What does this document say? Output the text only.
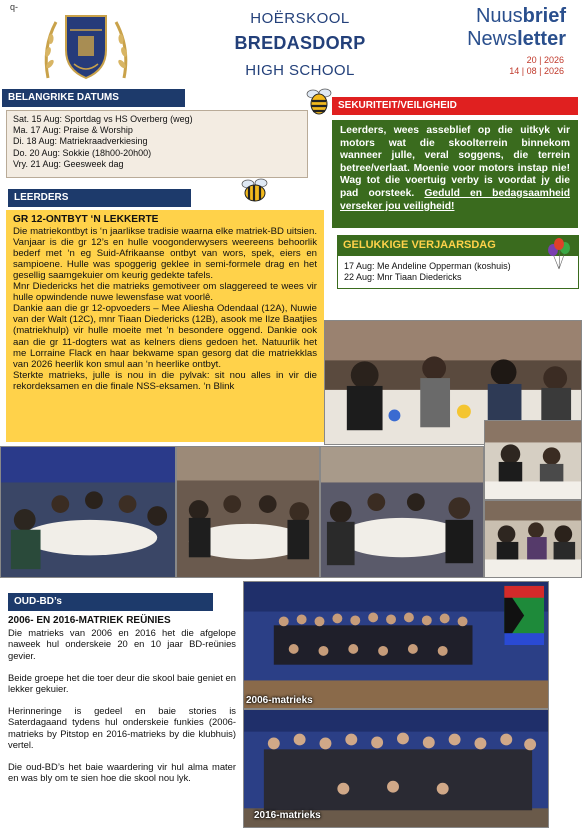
q-
HOËRSKOOL
BREDASDORP
HIGH SCHOOL
Nuusbrief
Newsletter
20 | 2026
14 | 08 | 2026
BELANGRIKE DATUMS
Sat. 15 Aug: Sportdag vs HS Overberg (weg)
Ma. 17 Aug: Praise & Worship
Di. 18 Aug: Matriekraadverkiesing
Do. 20 Aug: Sokkie (18h00-20h00)
Vry. 21 Aug: Geesweek dag
SEKURITEIT/VEILIGHEID
Leerders, wees asseblief op die uitkyk vir motors wat die skoolterrein binnekom wanneer julle, veral soggens, die terrein betree/verlaat. Moenie voor motors instap nie! Wag tot die voertuig verby is voordat jy die pad oorsteek. Geduld en bedagsaamheid verseker jou veiligheid!
GELUKKIGE VERJAARSDAG
17 Aug: Me Andeline Opperman (koshuis)
22 Aug: Mnr Tiaan Diedericks
LEERDERS
GR 12-ONTBYT ‘N LEKKERTE

Die matriekontbyt is ‘n jaarlikse tradisie waarna elke matriek-BD uitsien. Vanjaar is die gr 12’s en hulle voogonderwysers weereens behoorlik bederf met ‘n eg Suid-Afrikaanse ontbyt van wors, spek, eiers en sampioene. Hulle was spoggerig geklee in semi-formele drag en het gesellig saamgekuier om keurig gedekte tafels.

Mnr Diedericks het die matrieks gemotiveer om slaggereed te wees vir hulle opwindende nuwe lewensfase wat voorlê.

Dankie aan die gr 12-opvoeders – Mee Aliesha Odendaal (12A), Nuwie van der Walt (12C), mnr Tiaan Diedericks (12B), asook me Ilze Baatjies (matriekhulp) vir hulle moeite met ‘n besondere oggend. Dankie ook aan die gr 11-dogters wat as kelners diens gedoen het. Natuurlik het me Lorraine Flack en haar bekwame span gesorg dat die matriekklas van 2026 heerlik kon smul aan ‘n heerlike ontbyt.

Sterkte matrieks, julle is nou in die pylvak: sit nou alles in vir die rekordeksamen en die finale NSS-eksamen. ‘n Blink

OUD-BD’s
2006- EN 2016-MATRIEK REÜNIES

Die matrieks van 2006 en 2016 het die afgelope naweek hul onderskeie 20 en 10 jaar BD-reünies gevier.

Beide groepe het die toer deur die skool baie geniet en lekker gekuier.

Herinneringe is gedeel en baie stories is Saterdagaand tydens hul onderskeie funkies (2006-matrieks by Pitstop en 2016-matrieks by die klubhuis) vertel.

Die oud-BD’s het baie waardering vir hul alma mater en was bly om te sien hoe die skool nou lyk.

2006-matrieks
2016-matrieks
